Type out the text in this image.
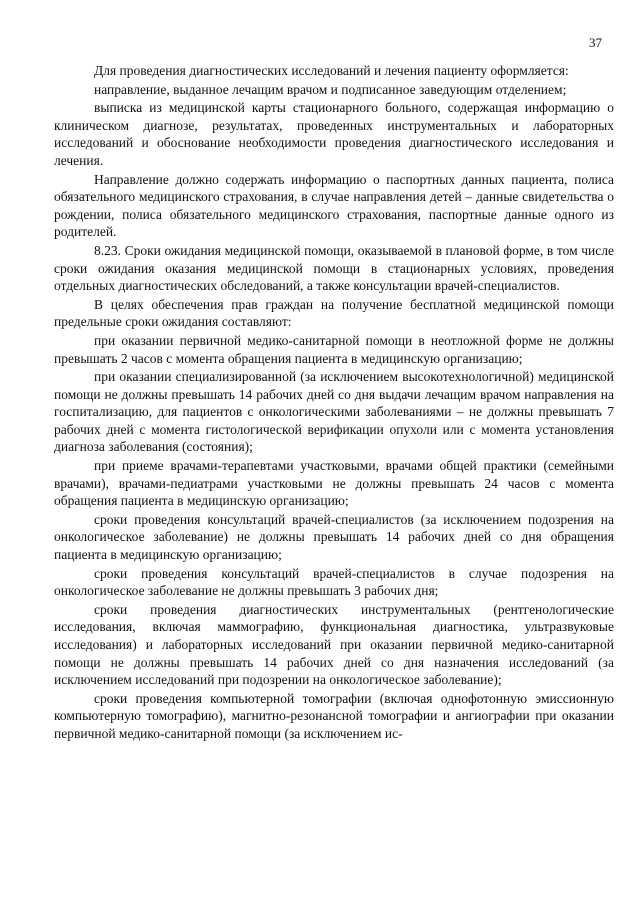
37

Для проведения диагностических исследований и лечения пациенту оформляется:

направление, выданное лечащим врачом и подписанное заведующим отделением;

выписка из медицинской карты стационарного больного, содержащая информацию о клиническом диагнозе, результатах, проведенных инструментальных и лабораторных исследований и обоснование необходимости проведения диагностического исследования и лечения.

Направление должно содержать информацию о паспортных данных пациента, полиса обязательного медицинского страхования, в случае направления детей – данные свидетельства о рождении, полиса обязательного медицинского страхования, паспортные данные одного из родителей.

8.23. Сроки ожидания медицинской помощи, оказываемой в плановой форме, в том числе сроки ожидания оказания медицинской помощи в стационарных условиях, проведения отдельных диагностических обследований, а также консультации врачей-специалистов.

В целях обеспечения прав граждан на получение бесплатной медицинской помощи предельные сроки ожидания составляют:

при оказании первичной медико-санитарной помощи в неотложной форме не должны превышать 2 часов с момента обращения пациента в медицинскую организацию;

при оказании специализированной (за исключением высокотехнологичной) медицинской помощи не должны превышать 14 рабочих дней со дня выдачи лечащим врачом направления на госпитализацию, для пациентов с онкологическими заболеваниями – не должны превышать 7 рабочих дней с момента гистологической верификации опухоли или с момента установления диагноза заболевания (состояния);

при приеме врачами-терапевтами участковыми, врачами общей практики (семейными врачами), врачами-педиатрами участковыми не должны превышать 24 часов с момента обращения пациента в медицинскую организацию;

сроки проведения консультаций врачей-специалистов (за исключением подозрения на онкологическое заболевание) не должны превышать 14 рабочих дней со дня обращения пациента в медицинскую организацию;

сроки проведения консультаций врачей-специалистов в случае подозрения на онкологическое заболевание не должны превышать 3 рабочих дня;

сроки проведения диагностических инструментальных (рентгенологические исследования, включая маммографию, функциональная диагностика, ультразвуковые исследования) и лабораторных исследований при оказании первичной медико-санитарной помощи не должны превышать 14 рабочих дней со дня назначения исследований (за исключением исследований при подозрении на онкологическое заболевание);

сроки проведения компьютерной томографии (включая однофотонную эмиссионную компьютерную томографию), магнитно-резонансной томографии и ангиографии при оказании первичной медико-санитарной помощи (за исключением ис-
